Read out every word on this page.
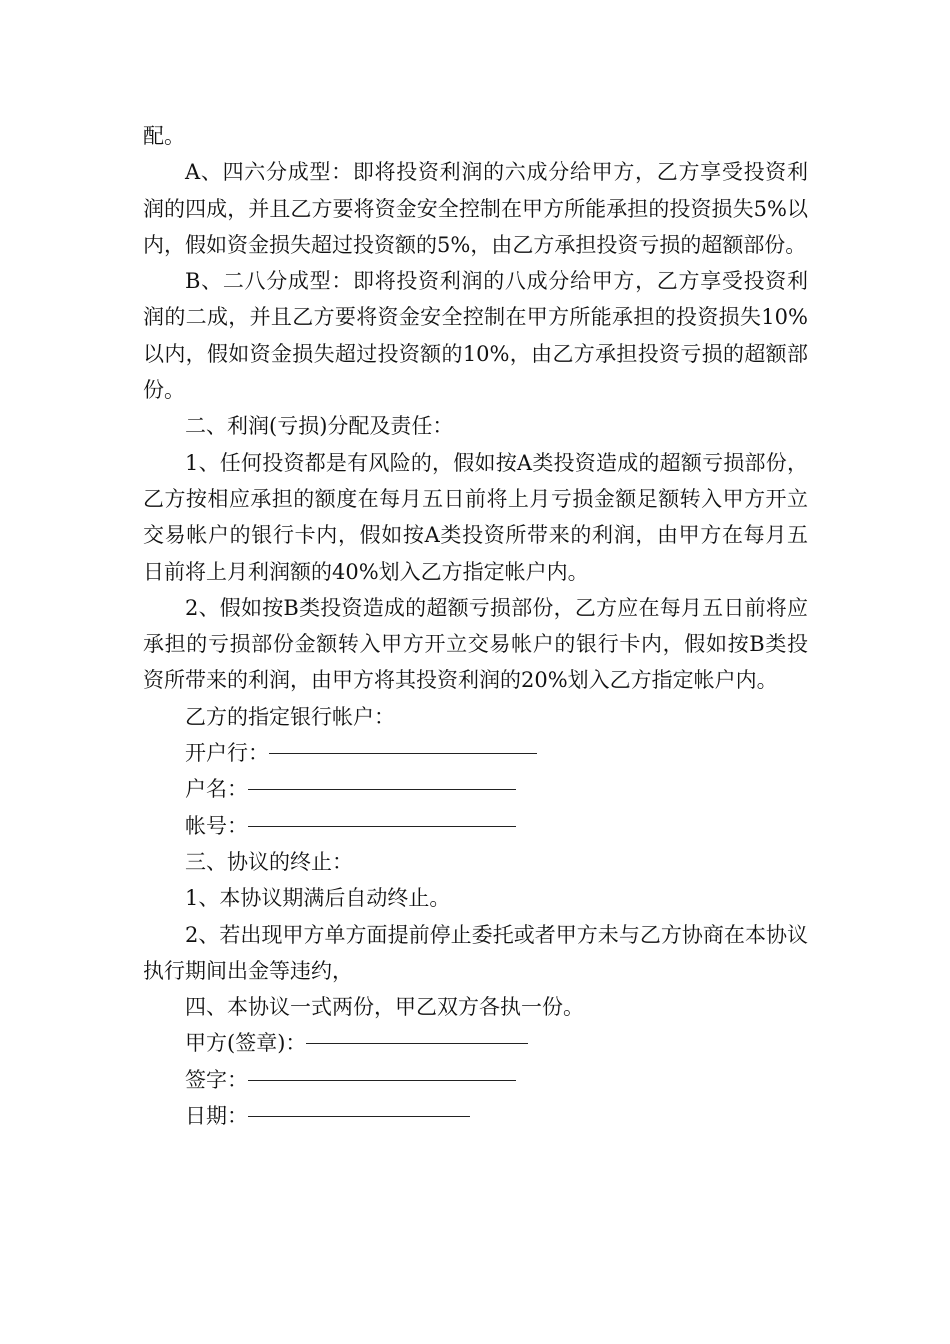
配。

A、四六分成型：即将投资利润的六成分给甲方，乙方享受投资利润的四成，并且乙方要将资金安全控制在甲方所能承担的投资损失5%以内，假如资金损失超过投资额的5%，由乙方承担投资亏损的超额部份。

B、二八分成型：即将投资利润的八成分给甲方，乙方享受投资利润的二成，并且乙方要将资金安全控制在甲方所能承担的投资损失10%以内，假如资金损失超过投资额的10%，由乙方承担投资亏损的超额部份。

二、利润(亏损)分配及责任：

1、任何投资都是有风险的，假如按A类投资造成的超额亏损部份，乙方按相应承担的额度在每月五日前将上月亏损金额足额转入甲方开立交易帐户的银行卡内，假如按A类投资所带来的利润，由甲方在每月五日前将上月利润额的40%划入乙方指定帐户内。

2、假如按B类投资造成的超额亏损部份，乙方应在每月五日前将应承担的亏损部份金额转入甲方开立交易帐户的银行卡内，假如按B类投资所带来的利润，由甲方将其投资利润的20%划入乙方指定帐户内。

乙方的指定银行帐户：

开户行：

户名：

帐号：

三、协议的终止：

1、本协议期满后自动终止。

2、若出现甲方单方面提前停止委托或者甲方未与乙方协商在本协议执行期间出金等违约，

四、本协议一式两份，甲乙双方各执一份。

甲方(签章)：

签字：

日期：
